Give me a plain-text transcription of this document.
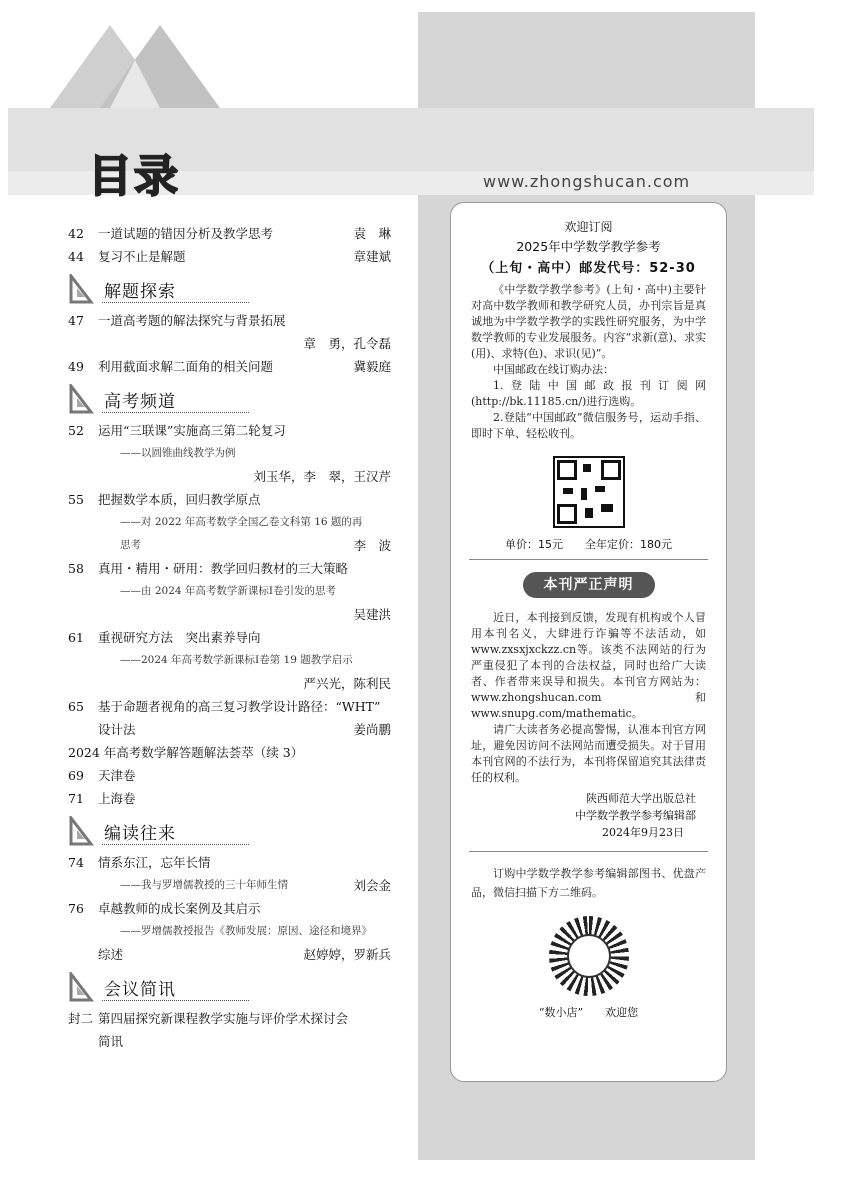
目录	www.zhongshucan.com
42 一道试题的错因分析及教学思考	袁　琳
44 复习不止是解题	章建斌
解题探索
47 一道高考题的解法探究与背景拓展
章　勇，孔令磊
49 利用截面求解二面角的相关问题	冀毅庭
高考频道
52 运用“三联课”实施高三第二轮复习
——以圆锥曲线教学为例
刘玉华，李　翠，王汉芹
55 把握数学本质，回归教学原点
——对 2022 年高考数学全国乙卷文科第 16 题的再
思考	李　波
58 真用・精用・研用：教学回归教材的三大策略
——由 2024 年高考数学新课标Ⅰ卷引发的思考
吴建洪
61 重视研究方法　突出素养导向
——2024 年高考数学新课标Ⅰ卷第 19 题教学启示
严兴光，陈利民
65 基于命题者视角的高三复习教学设计路径：“WHT”
设计法	姜尚鹏
2024 年高考数学解答题解法荟萃（续 3）
69 天津卷
71 上海卷
编读往来
74 情系东江，忘年长情
——我与罗增儒教授的三十年师生情	刘会金
76 卓越教师的成长案例及其启示
——罗增儒教授报告《教师发展：原因、途径和境界》
综述	赵婷婷，罗新兵
会议简讯
封二 第四届探究新课程教学实施与评价学术探讨会
简讯
欢迎订阅
2025年中学数学教学参考
（上旬・高中）邮发代号：52-30
《中学数学教学参考》(上旬・高中)主要针对高中数学教师和教学研究人员，办刊宗旨是真诚地为中学数学教学的实践性研究服务，为中学数学教师的专业发展服务。内容“求新(意)、求实(用)、求特(色)、求识(见)”。
中国邮政在线订购办法：
1.登陆中国邮政报刊订阅网(http://bk.11185.cn/)进行选购。
2.登陆“中国邮政”微信服务号，运动手指、即时下单、轻松收刊。
单价：15元　　全年定价：180元
本刊严正声明
近日，本刊接到反馈，发现有机构或个人冒用本刊名义，大肆进行诈骗等不法活动，如www.zxsxjxckzz.cn等。该类不法网站的行为严重侵犯了本刊的合法权益，同时也给广大读者、作者带来误导和损失。本刊官方网站为：www.zhongshucan.com 和 www.snupg.com/mathematic。
请广大读者务必提高警惕，认准本刊官方网址，避免因访问不法网站而遭受损失。对于冒用本刊官网的不法行为，本刊将保留追究其法律责任的权利。
陕西师范大学出版总社
中学数学教学参考编辑部
2024年9月23日
订购中学数学教学参考编辑部图书、优盘产品，微信扫描下方二维码。
“数小店”　　欢迎您
